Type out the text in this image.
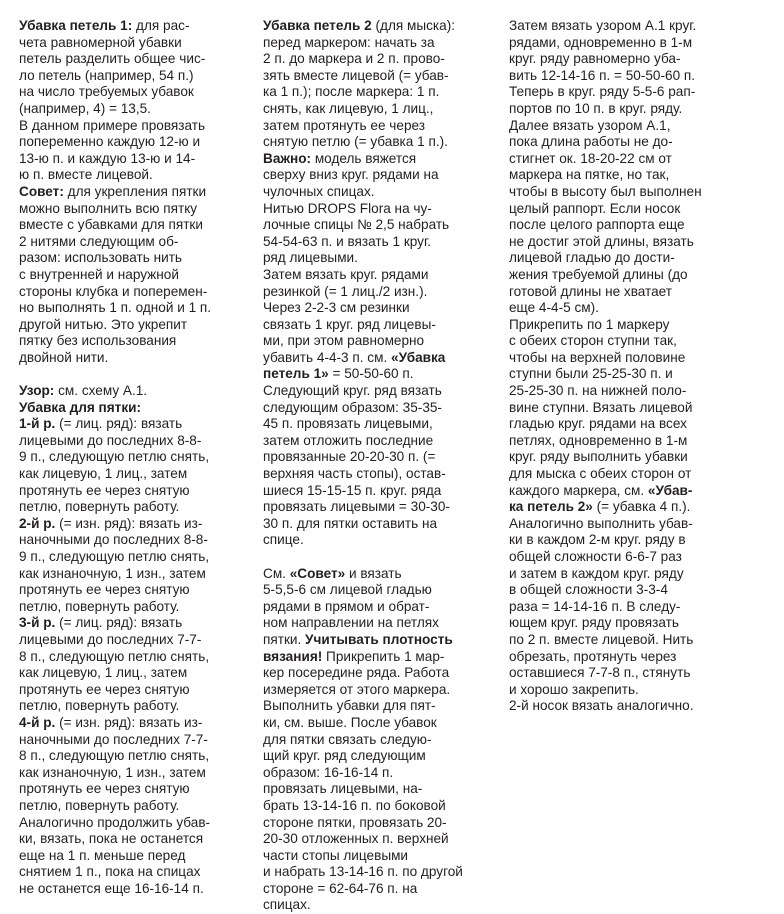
Убавка петель 1: для рас-
чета равномерной убавки
петель разделить общее чис-
ло петель (например, 54 п.)
на число требуемых убавок
(например, 4) = 13,5.
В данном примере провязать
попеременно каждую 12-ю и
13-ю п. и каждую 13-ю и 14-
ю п. вместе лицевой.

Совет: для укрепления пятки
можно выполнить всю пятку
вместе с убавками для пятки
2 нитями следующим об-
разом: использовать нить
с внутренней и наружной
стороны клубка и поперемен-
но выполнять 1 п. одной и 1 п.
другой нитью. Это укрепит
пятку без использования
двойной нити.

Узор: см. схему А.1.
Убавка для пятки:
1-й р. (= лиц. ряд): вязать
лицевыми до последних 8-8-
9 п., следующую петлю снять,
как лицевую, 1 лиц., затем
протянуть ее через снятую
петлю, повернуть работу.
2-й р. (= изн. ряд): вязать из-
наночными до последних 8-8-
9 п., следующую петлю снять,
как изнаночную, 1 изн., затем
протянуть ее через снятую
петлю, повернуть работу.
3-й р. (= лиц. ряд): вязать
лицевыми до последних 7-7-
8 п., следующую петлю снять,
как лицевую, 1 лиц., затем
протянуть ее через снятую
петлю, повернуть работу.
4-й р. (= изн. ряд): вязать из-
наночными до последних 7-7-
8 п., следующую петлю снять,
как изнаночную, 1 изн., затем
протянуть ее через снятую
петлю, повернуть работу.
Аналогично продолжить убав-
ки, вязать, пока не останется
еще на 1 п. меньше перед
снятием 1 п., пока на спицах
не останется еще 16-16-14 п.

Убавка петель 2 (для мыска):
перед маркером: начать за
2 п. до маркера и 2 п. прово-
зять вместе лицевой (= убав-
ка 1 п.); после маркера: 1 п.
снять, как лицевую, 1 лиц.,
затем протянуть ее через
снятую петлю (= убавка 1 п.).

Важно: модель вяжется
сверху вниз круг. рядами на
чулочных спицах.
Нитью DROPS Flora на чу-
лочные спицы № 2,5 набрать
54-54-63 п. и вязать 1 круг.
ряд лицевыми.
Затем вязать круг. рядами
резинкой (= 1 лиц./2 изн.).
Через 2-2-3 см резинки
связать 1 круг. ряд лицевы-
ми, при этом равномерно
убавить 4-4-3 п. см. «Убавка
петель 1» = 50-50-60 п.
Следующий круг. ряд вязать
следующим образом: 35-35-
45 п. провязать лицевыми,
затем отложить последние
провязанные 20-20-30 п. (=
верхняя часть стопы), остав-
шиеся 15-15-15 п. круг. ряда
провязать лицевыми = 30-30-
30 п. для пятки оставить на
спице.

См. «Совет» и вязать
5-5,5-6 см лицевой гладью
рядами в прямом и обрат-
ном направлении на петлях
пятки. Учитывать плотность
вязания! Прикрепить 1 мар-
кер посередине ряда. Работа
измеряется от этого маркера.
Выполнить убавки для пят-
ки, см. выше. После убавок
для пятки связать следую-
щий круг. ряд следующим
образом: 16-16-14 п.
провязать лицевыми, на-
брать 13-14-16 п. по боковой
стороне пятки, провязать 20-
20-30 отложенных п. верхней
части стопы лицевыми
и набрать 13-14-16 п. по другой
стороне = 62-64-76 п. на
спицах.

Затем вязать узором А.1 круг.
рядами, одновременно в 1-м
круг. ряду равномерно уба-
вить 12-14-16 п. = 50-50-60 п.
Теперь в круг. ряду 5-5-6 рап-
портов по 10 п. в круг. ряду.
Далее вязать узором А.1,
пока длина работы не до-
стигнет ок. 18-20-22 см от
маркера на пятке, но так,
чтобы в высоту был выполнен
целый раппорт. Если носок
после целого раппорта еще
не достиг этой длины, вязать
лицевой гладью до дости-
жения требуемой длины (до
готовой длины не хватает
еще 4-4-5 см).
Прикрепить по 1 маркеру
с обеих сторон ступни так,
чтобы на верхней половине
ступни были 25-25-30 п. и
25-25-30 п. на нижней поло-
вине ступни. Вязать лицевой
гладью круг. рядами на всех
петлях, одновременно в 1-м
круг. ряду выполнить убавки
для мыска с обеих сторон от
каждого маркера, см. «Убав-
ка петель 2» (= убавка 4 п.).
Аналогично выполнить убав-
ки в каждом 2-м круг. ряду в
общей сложности 6-6-7 раз
и затем в каждом круг. ряду
в общей сложности 3-3-4
раза = 14-14-16 п. В следу-
ющем круг. ряду провязать
по 2 п. вместе лицевой. Нить
обрезать, протянуть через
оставшиеся 7-7-8 п., стянуть
и хорошо закрепить.
2-й носок вязать аналогично.
